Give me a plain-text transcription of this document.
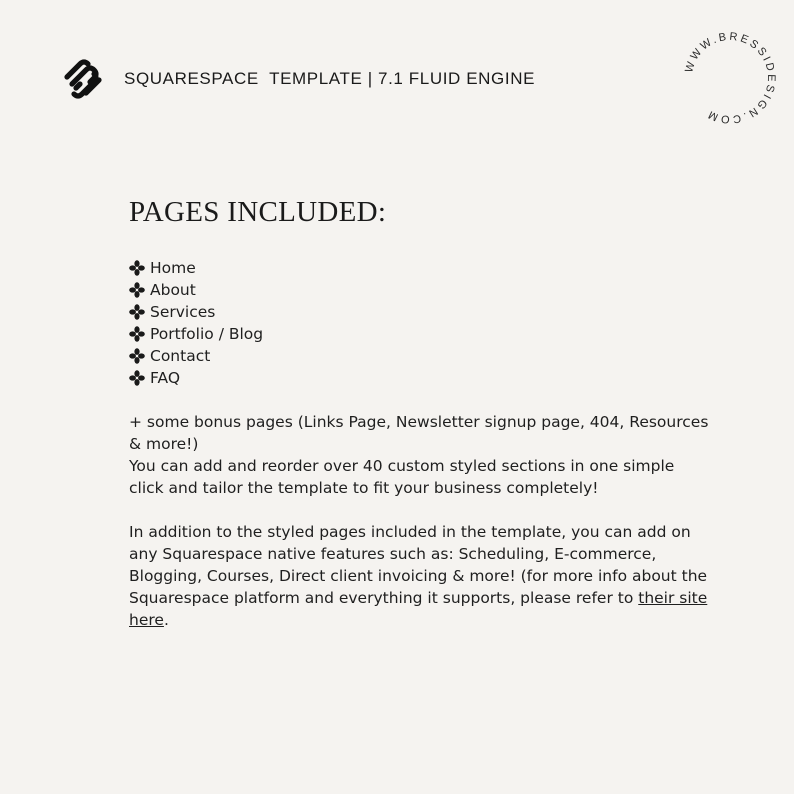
SQUARESPACE  TEMPLATE | 7.1 FLUID ENGINE
WWW.BRESSIDESIGN.COM
PAGES INCLUDED:
Home
About
Services
Portfolio / Blog
Contact
FAQ

+ some bonus pages (Links Page, Newsletter signup page, 404, Resources & more!)

You can add and reorder over 40 custom styled sections in one simple click and tailor the template to fit your business completely!

In addition to the styled pages included in the template, you can add on any Squarespace native features such as: Scheduling, E-commerce, Blogging, Courses, Direct client invoicing & more! (for more info about the Squarespace platform and everything it supports, please refer to their site here.
